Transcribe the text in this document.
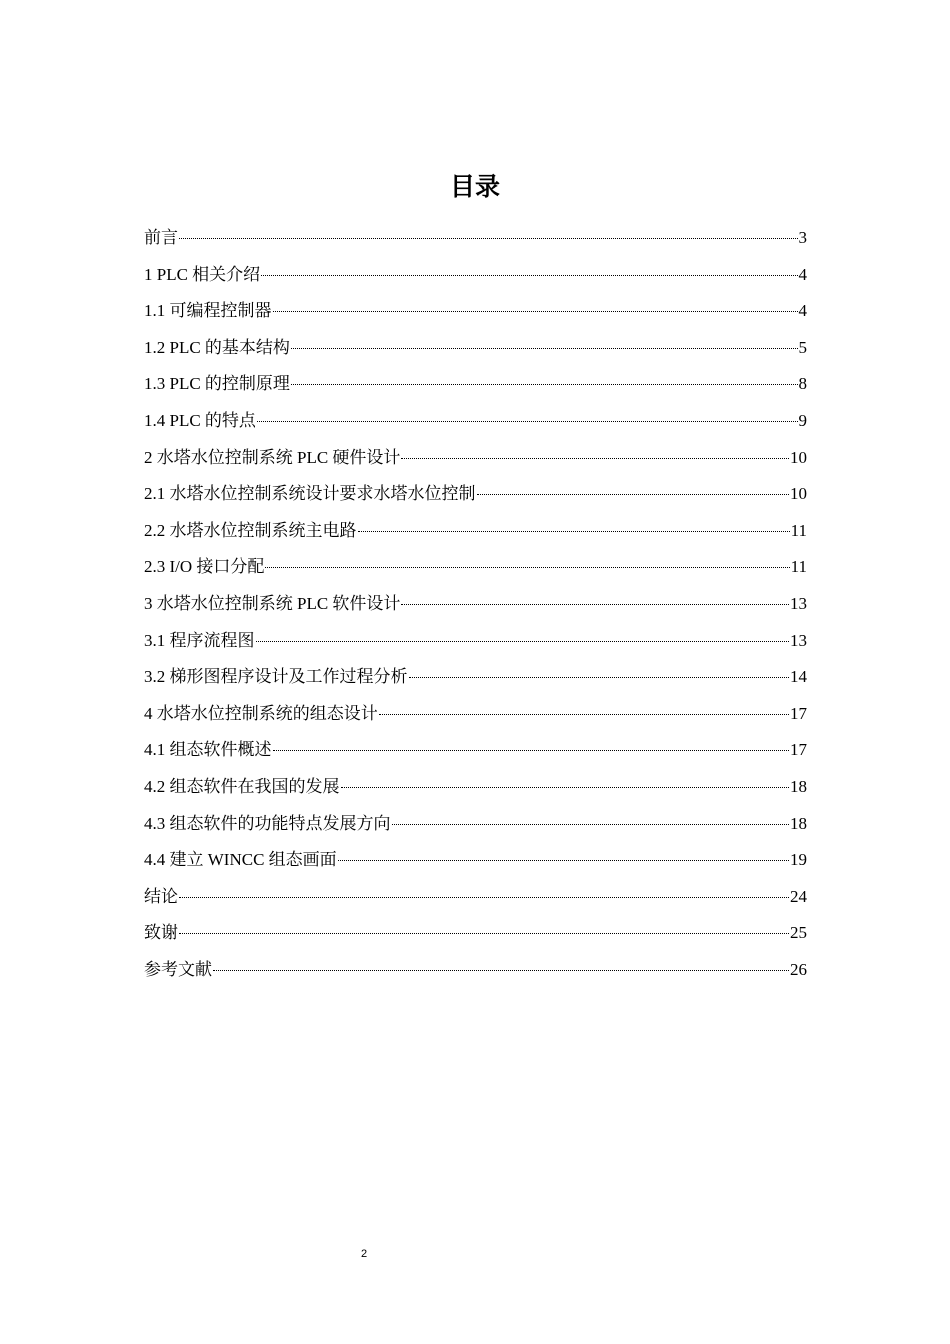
目录
前言	3
1 PLC 相关介绍	4
1.1 可编程控制器	4
1.2 PLC 的基本结构	5
1.3 PLC 的控制原理	8
1.4 PLC 的特点	9
2 水塔水位控制系统 PLC 硬件设计	10
2.1 水塔水位控制系统设计要求水塔水位控制	10
2.2 水塔水位控制系统主电路	11
2.3 I/O 接口分配	11
3 水塔水位控制系统 PLC 软件设计	13
3.1 程序流程图	13
3.2 梯形图程序设计及工作过程分析	14
4 水塔水位控制系统的组态设计	17
4.1 组态软件概述	17
4.2 组态软件在我国的发展	18
4.3 组态软件的功能特点发展方向	18
4.4 建立 WINCC 组态画面	19
结论	24
致谢	25
参考文献	26
2
